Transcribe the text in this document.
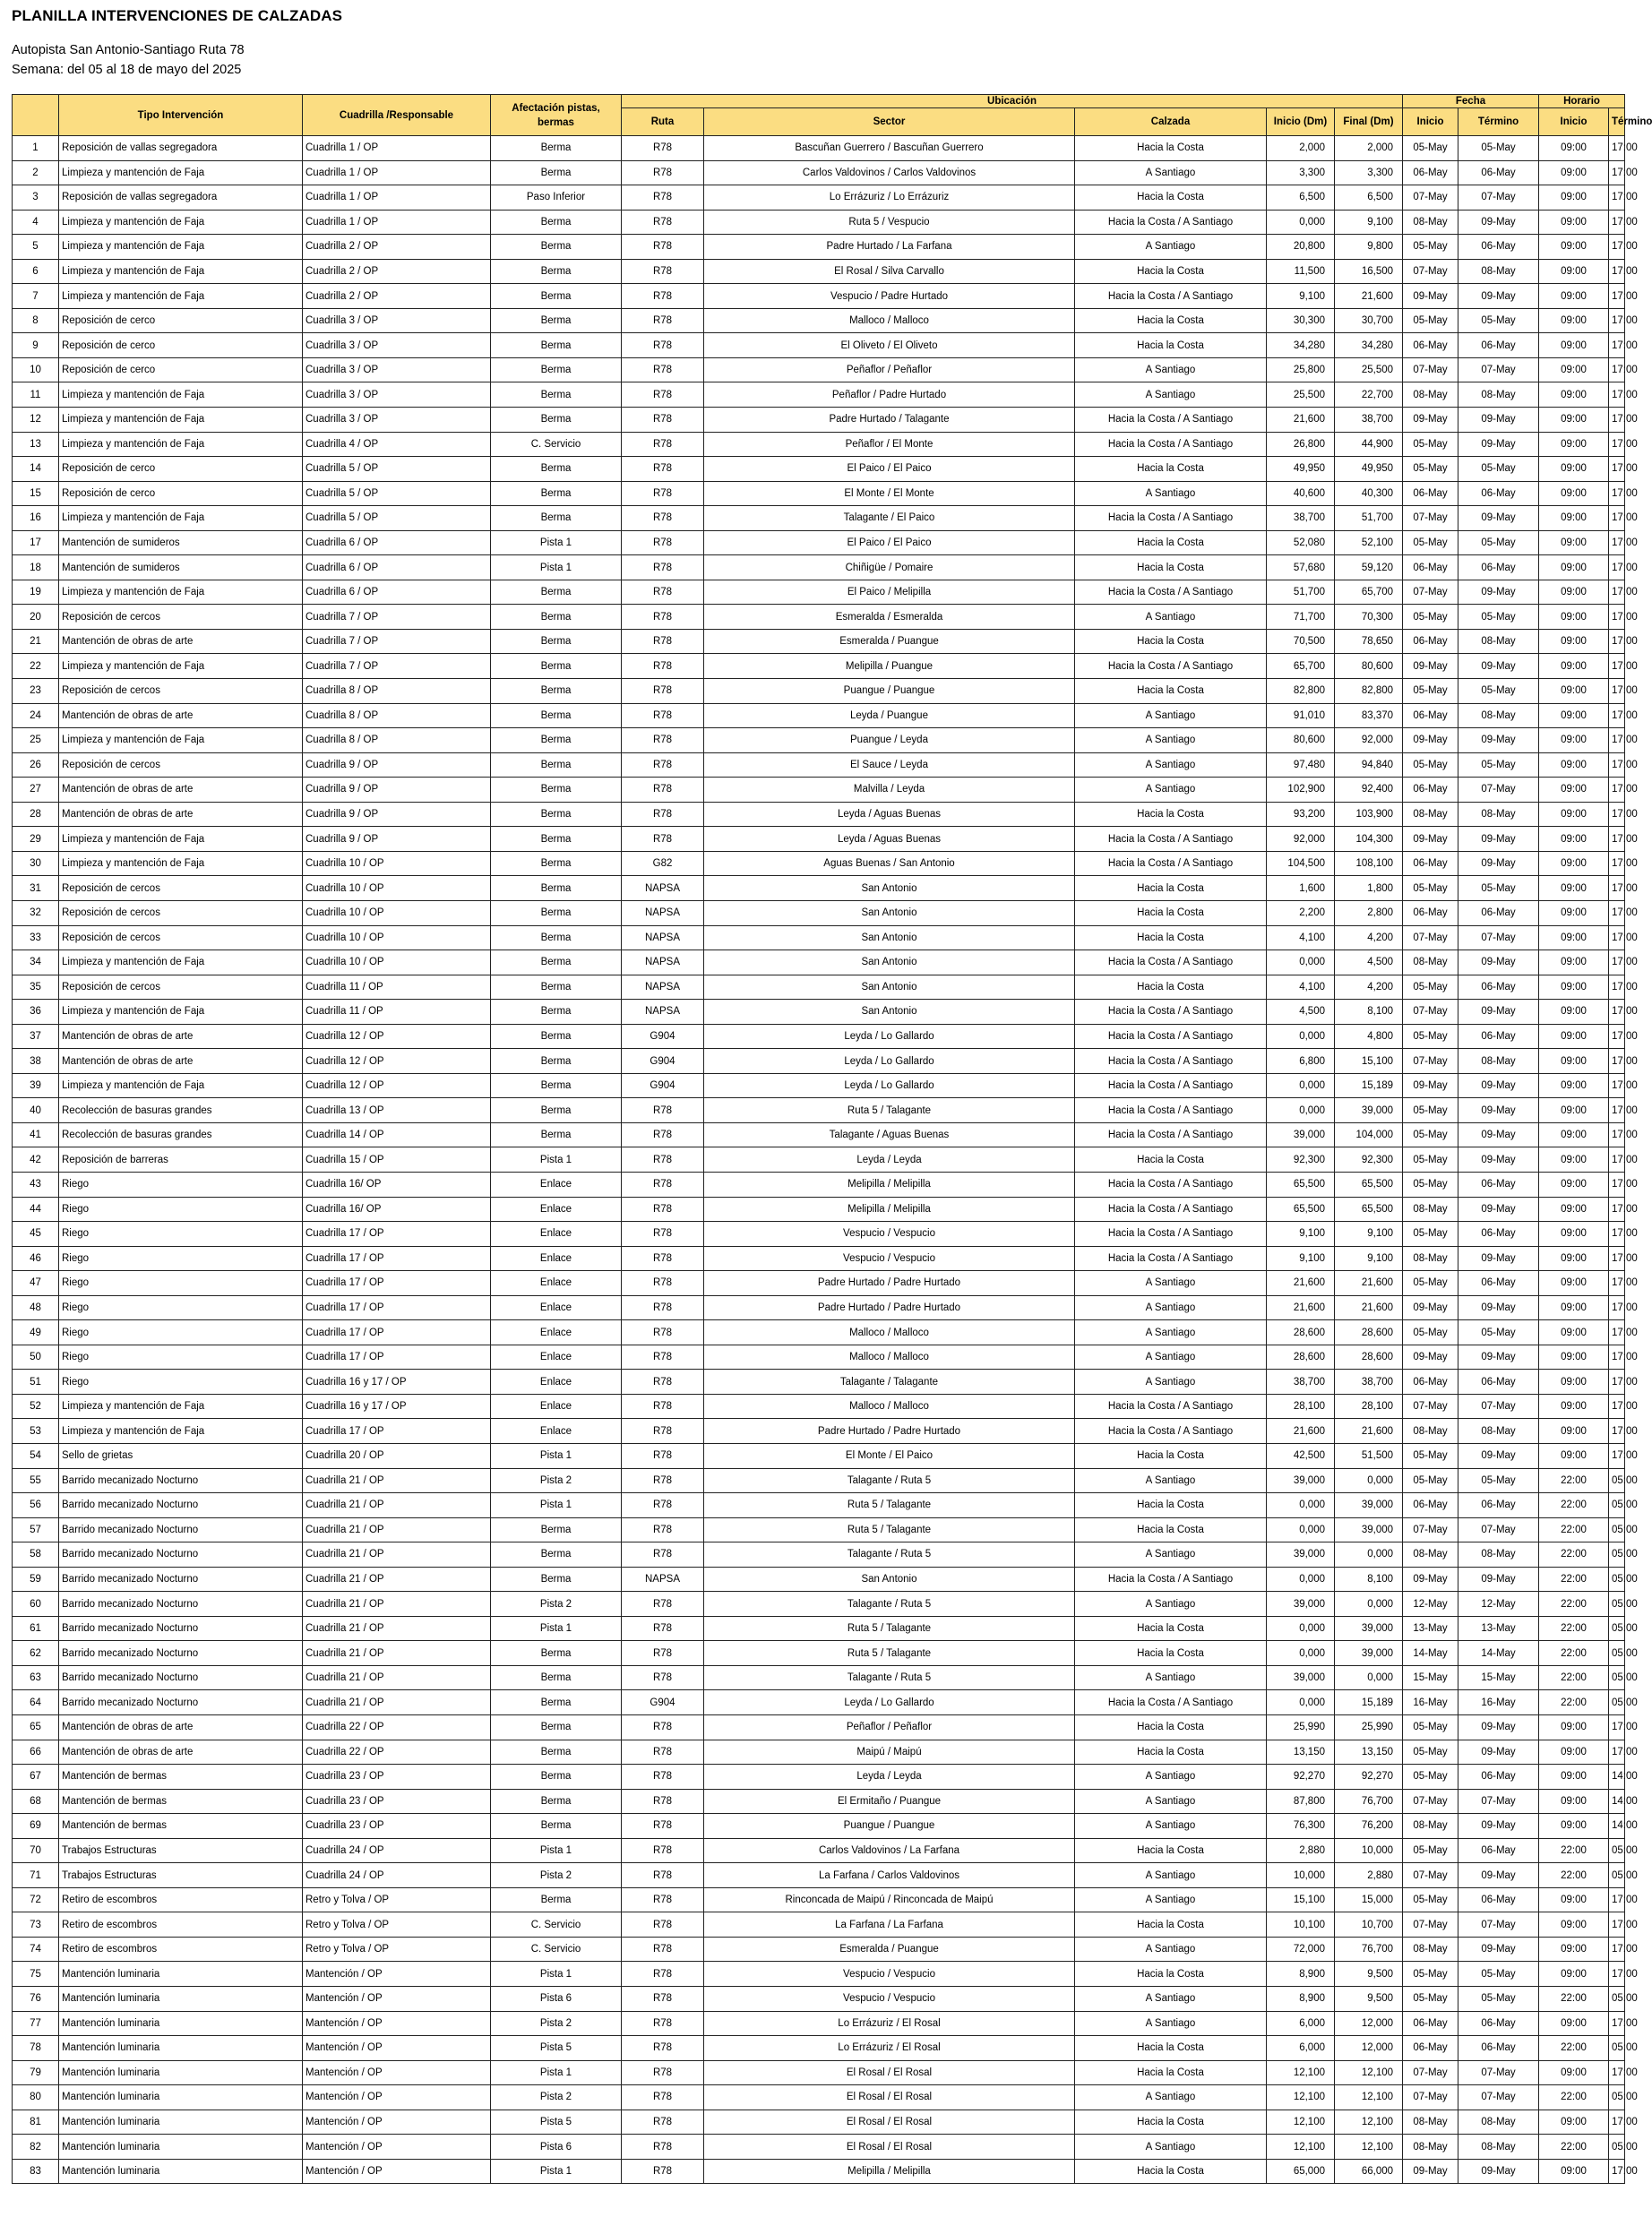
PLANILLA INTERVENCIONES DE CALZADAS
Autopista San Antonio-Santiago Ruta 78
Semana: del 05 al 18 de mayo del 2025
	Tipo Intervención	Cuadrilla /Responsable	Afectación pistas, bermas	Ubicación					Fecha		Horario	
				Ruta	Sector	Calzada	Inicio (Dm)	Final (Dm)	Inicio	Término	Inicio	Término
1	Reposición de vallas segregadora	Cuadrilla 1 / OP	Berma	R78	Bascuñan Guerrero / Bascuñan Guerrero	Hacia la Costa	2,000	2,000	05-May	05-May	09:00	17:00
2	Limpieza y mantención de Faja	Cuadrilla 1 / OP	Berma	R78	Carlos Valdovinos / Carlos Valdovinos	A Santiago	3,300	3,300	06-May	06-May	09:00	17:00
3	Reposición de vallas segregadora	Cuadrilla 1 / OP	Paso Inferior	R78	Lo Errázuriz / Lo Errázuriz	Hacia la Costa	6,500	6,500	07-May	07-May	09:00	17:00
4	Limpieza y mantención de Faja	Cuadrilla 1 / OP	Berma	R78	Ruta 5 / Vespucio	Hacia la Costa / A Santiago	0,000	9,100	08-May	09-May	09:00	17:00
5	Limpieza y mantención de Faja	Cuadrilla 2 / OP	Berma	R78	Padre Hurtado / La Farfana	A Santiago	20,800	9,800	05-May	06-May	09:00	17:00
6	Limpieza y mantención de Faja	Cuadrilla 2 / OP	Berma	R78	El Rosal / Silva Carvallo	Hacia la Costa	11,500	16,500	07-May	08-May	09:00	17:00
7	Limpieza y mantención de Faja	Cuadrilla 2 / OP	Berma	R78	Vespucio / Padre Hurtado	Hacia la Costa / A Santiago	9,100	21,600	09-May	09-May	09:00	17:00
8	Reposición de cerco	Cuadrilla 3 / OP	Berma	R78	Malloco / Malloco	Hacia la Costa	30,300	30,700	05-May	05-May	09:00	17:00
9	Reposición de cerco	Cuadrilla 3 / OP	Berma	R78	El Oliveto / El Oliveto	Hacia la Costa	34,280	34,280	06-May	06-May	09:00	17:00
10	Reposición de cerco	Cuadrilla 3 / OP	Berma	R78	Peñaflor / Peñaflor	A Santiago	25,800	25,500	07-May	07-May	09:00	17:00
11	Limpieza y mantención de Faja	Cuadrilla 3 / OP	Berma	R78	Peñaflor / Padre Hurtado	A Santiago	25,500	22,700	08-May	08-May	09:00	17:00
12	Limpieza y mantención de Faja	Cuadrilla 3 / OP	Berma	R78	Padre Hurtado / Talagante	Hacia la Costa / A Santiago	21,600	38,700	09-May	09-May	09:00	17:00
13	Limpieza y mantención de Faja	Cuadrilla 4 / OP	C. Servicio	R78	Peñaflor / El Monte	Hacia la Costa / A Santiago	26,800	44,900	05-May	09-May	09:00	17:00
14	Reposición de cerco	Cuadrilla 5 / OP	Berma	R78	El Paico / El Paico	Hacia la Costa	49,950	49,950	05-May	05-May	09:00	17:00
15	Reposición de cerco	Cuadrilla 5 / OP	Berma	R78	El Monte / El Monte	A Santiago	40,600	40,300	06-May	06-May	09:00	17:00
16	Limpieza y mantención de Faja	Cuadrilla 5 / OP	Berma	R78	Talagante / El Paico	Hacia la Costa / A Santiago	38,700	51,700	07-May	09-May	09:00	17:00
17	Mantención de sumideros	Cuadrilla 6 / OP	Pista 1	R78	El Paico / El Paico	Hacia la Costa	52,080	52,100	05-May	05-May	09:00	17:00
18	Mantención de sumideros	Cuadrilla 6 / OP	Pista 1	R78	Chiñigüe / Pomaire	Hacia la Costa	57,680	59,120	06-May	06-May	09:00	17:00
19	Limpieza y mantención de Faja	Cuadrilla 6 / OP	Berma	R78	El Paico / Melipilla	Hacia la Costa / A Santiago	51,700	65,700	07-May	09-May	09:00	17:00
20	Reposición de cercos	Cuadrilla 7 / OP	Berma	R78	Esmeralda / Esmeralda	A Santiago	71,700	70,300	05-May	05-May	09:00	17:00
21	Mantención de obras de arte	Cuadrilla 7 / OP	Berma	R78	Esmeralda / Puangue	Hacia la Costa	70,500	78,650	06-May	08-May	09:00	17:00
22	Limpieza y mantención de Faja	Cuadrilla 7 / OP	Berma	R78	Melipilla / Puangue	Hacia la Costa / A Santiago	65,700	80,600	09-May	09-May	09:00	17:00
23	Reposición de cercos	Cuadrilla 8 / OP	Berma	R78	Puangue / Puangue	Hacia la Costa	82,800	82,800	05-May	05-May	09:00	17:00
24	Mantención de obras de arte	Cuadrilla 8 / OP	Berma	R78	Leyda / Puangue	A Santiago	91,010	83,370	06-May	08-May	09:00	17:00
25	Limpieza y mantención de Faja	Cuadrilla 8 / OP	Berma	R78	Puangue / Leyda	A Santiago	80,600	92,000	09-May	09-May	09:00	17:00
26	Reposición de cercos	Cuadrilla 9 / OP	Berma	R78	El Sauce / Leyda	A Santiago	97,480	94,840	05-May	05-May	09:00	17:00
27	Mantención de obras de arte	Cuadrilla 9 / OP	Berma	R78	Malvilla / Leyda	A Santiago	102,900	92,400	06-May	07-May	09:00	17:00
28	Mantención de obras de arte	Cuadrilla 9 / OP	Berma	R78	Leyda / Aguas Buenas	Hacia la Costa	93,200	103,900	08-May	08-May	09:00	17:00
29	Limpieza y mantención de Faja	Cuadrilla 9 / OP	Berma	R78	Leyda / Aguas Buenas	Hacia la Costa / A Santiago	92,000	104,300	09-May	09-May	09:00	17:00
30	Limpieza y mantención de Faja	Cuadrilla 10 / OP	Berma	G82	Aguas Buenas / San Antonio	Hacia la Costa / A Santiago	104,500	108,100	06-May	09-May	09:00	17:00
31	Reposición de cercos	Cuadrilla 10 / OP	Berma	NAPSA	San Antonio	Hacia la Costa	1,600	1,800	05-May	05-May	09:00	17:00
32	Reposición de cercos	Cuadrilla 10 / OP	Berma	NAPSA	San Antonio	Hacia la Costa	2,200	2,800	06-May	06-May	09:00	17:00
33	Reposición de cercos	Cuadrilla 10 / OP	Berma	NAPSA	San Antonio	Hacia la Costa	4,100	4,200	07-May	07-May	09:00	17:00
34	Limpieza y mantención de Faja	Cuadrilla 10 / OP	Berma	NAPSA	San Antonio	Hacia la Costa / A Santiago	0,000	4,500	08-May	09-May	09:00	17:00
35	Reposición de cercos	Cuadrilla 11 / OP	Berma	NAPSA	San Antonio	Hacia la Costa	4,100	4,200	05-May	06-May	09:00	17:00
36	Limpieza y mantención de Faja	Cuadrilla 11 / OP	Berma	NAPSA	San Antonio	Hacia la Costa / A Santiago	4,500	8,100	07-May	09-May	09:00	17:00
37	Mantención de obras de arte	Cuadrilla 12 / OP	Berma	G904	Leyda / Lo Gallardo	Hacia la Costa / A Santiago	0,000	4,800	05-May	06-May	09:00	17:00
38	Mantención de obras de arte	Cuadrilla 12 / OP	Berma	G904	Leyda / Lo Gallardo	Hacia la Costa / A Santiago	6,800	15,100	07-May	08-May	09:00	17:00
39	Limpieza y mantención de Faja	Cuadrilla 12 / OP	Berma	G904	Leyda / Lo Gallardo	Hacia la Costa / A Santiago	0,000	15,189	09-May	09-May	09:00	17:00
40	Recolección de basuras grandes	Cuadrilla 13 / OP	Berma	R78	Ruta 5 / Talagante	Hacia la Costa / A Santiago	0,000	39,000	05-May	09-May	09:00	17:00
41	Recolección de basuras grandes	Cuadrilla 14 / OP	Berma	R78	Talagante / Aguas Buenas	Hacia la Costa / A Santiago	39,000	104,000	05-May	09-May	09:00	17:00
42	Reposición de barreras	Cuadrilla 15 / OP	Pista 1	R78	Leyda / Leyda	Hacia la Costa	92,300	92,300	05-May	09-May	09:00	17:00
43	Riego	Cuadrilla 16/ OP	Enlace	R78	Melipilla / Melipilla	Hacia la Costa / A Santiago	65,500	65,500	05-May	06-May	09:00	17:00
44	Riego	Cuadrilla 16/ OP	Enlace	R78	Melipilla / Melipilla	Hacia la Costa / A Santiago	65,500	65,500	08-May	09-May	09:00	17:00
45	Riego	Cuadrilla 17 / OP	Enlace	R78	Vespucio / Vespucio	Hacia la Costa / A Santiago	9,100	9,100	05-May	06-May	09:00	17:00
46	Riego	Cuadrilla 17 / OP	Enlace	R78	Vespucio / Vespucio	Hacia la Costa / A Santiago	9,100	9,100	08-May	09-May	09:00	17:00
47	Riego	Cuadrilla 17 / OP	Enlace	R78	Padre Hurtado / Padre Hurtado	A Santiago	21,600	21,600	05-May	06-May	09:00	17:00
48	Riego	Cuadrilla 17 / OP	Enlace	R78	Padre Hurtado / Padre Hurtado	A Santiago	21,600	21,600	09-May	09-May	09:00	17:00
49	Riego	Cuadrilla 17 / OP	Enlace	R78	Malloco / Malloco	A Santiago	28,600	28,600	05-May	05-May	09:00	17:00
50	Riego	Cuadrilla 17 / OP	Enlace	R78	Malloco / Malloco	A Santiago	28,600	28,600	09-May	09-May	09:00	17:00
51	Riego	Cuadrilla 16 y 17 / OP	Enlace	R78	Talagante / Talagante	A Santiago	38,700	38,700	06-May	06-May	09:00	17:00
52	Limpieza y mantención de Faja	Cuadrilla 16 y 17 / OP	Enlace	R78	Malloco / Malloco	Hacia la Costa / A Santiago	28,100	28,100	07-May	07-May	09:00	17:00
53	Limpieza y mantención de Faja	Cuadrilla 17 / OP	Enlace	R78	Padre Hurtado / Padre Hurtado	Hacia la Costa / A Santiago	21,600	21,600	08-May	08-May	09:00	17:00
54	Sello de grietas	Cuadrilla 20 / OP	Pista 1	R78	El Monte / El Paico	Hacia la Costa	42,500	51,500	05-May	09-May	09:00	17:00
55	Barrido mecanizado Nocturno	Cuadrilla 21 / OP	Pista 2	R78	Talagante / Ruta 5	A Santiago	39,000	0,000	05-May	05-May	22:00	05:00
56	Barrido mecanizado Nocturno	Cuadrilla 21 / OP	Pista 1	R78	Ruta 5 / Talagante	Hacia la Costa	0,000	39,000	06-May	06-May	22:00	05:00
57	Barrido mecanizado Nocturno	Cuadrilla 21 / OP	Berma	R78	Ruta 5 / Talagante	Hacia la Costa	0,000	39,000	07-May	07-May	22:00	05:00
58	Barrido mecanizado Nocturno	Cuadrilla 21 / OP	Berma	R78	Talagante / Ruta 5	A Santiago	39,000	0,000	08-May	08-May	22:00	05:00
59	Barrido mecanizado Nocturno	Cuadrilla 21 / OP	Berma	NAPSA	San Antonio	Hacia la Costa / A Santiago	0,000	8,100	09-May	09-May	22:00	05:00
60	Barrido mecanizado Nocturno	Cuadrilla 21 / OP	Pista 2	R78	Talagante / Ruta 5	A Santiago	39,000	0,000	12-May	12-May	22:00	05:00
61	Barrido mecanizado Nocturno	Cuadrilla 21 / OP	Pista 1	R78	Ruta 5 / Talagante	Hacia la Costa	0,000	39,000	13-May	13-May	22:00	05:00
62	Barrido mecanizado Nocturno	Cuadrilla 21 / OP	Berma	R78	Ruta 5 / Talagante	Hacia la Costa	0,000	39,000	14-May	14-May	22:00	05:00
63	Barrido mecanizado Nocturno	Cuadrilla 21 / OP	Berma	R78	Talagante / Ruta 5	A Santiago	39,000	0,000	15-May	15-May	22:00	05:00
64	Barrido mecanizado Nocturno	Cuadrilla 21 / OP	Berma	G904	Leyda / Lo Gallardo	Hacia la Costa / A Santiago	0,000	15,189	16-May	16-May	22:00	05:00
65	Mantención de obras de arte	Cuadrilla 22 / OP	Berma	R78	Peñaflor / Peñaflor	Hacia la Costa	25,990	25,990	05-May	09-May	09:00	17:00
66	Mantención de obras de arte	Cuadrilla 22 / OP	Berma	R78	Maipú / Maipú	Hacia la Costa	13,150	13,150	05-May	09-May	09:00	17:00
67	Mantención de bermas	Cuadrilla 23 / OP	Berma	R78	Leyda / Leyda	A Santiago	92,270	92,270	05-May	06-May	09:00	14:00
68	Mantención de bermas	Cuadrilla 23 / OP	Berma	R78	El Ermitaño / Puangue	A Santiago	87,800	76,700	07-May	07-May	09:00	14:00
69	Mantención de bermas	Cuadrilla 23 / OP	Berma	R78	Puangue / Puangue	A Santiago	76,300	76,200	08-May	09-May	09:00	14:00
70	Trabajos Estructuras	Cuadrilla 24 / OP	Pista 1	R78	Carlos Valdovinos / La Farfana	Hacia la Costa	2,880	10,000	05-May	06-May	22:00	05:00
71	Trabajos Estructuras	Cuadrilla 24 / OP	Pista 2	R78	La Farfana / Carlos Valdovinos	A Santiago	10,000	2,880	07-May	09-May	22:00	05:00
72	Retiro de escombros	Retro y Tolva / OP	Berma	R78	Rinconcada de Maipú / Rinconcada de Maipú	A Santiago	15,100	15,000	05-May	06-May	09:00	17:00
73	Retiro de escombros	Retro y Tolva / OP	C. Servicio	R78	La Farfana / La Farfana	Hacia la Costa	10,100	10,700	07-May	07-May	09:00	17:00
74	Retiro de escombros	Retro y Tolva / OP	C. Servicio	R78	Esmeralda / Puangue	A Santiago	72,000	76,700	08-May	09-May	09:00	17:00
75	Mantención luminaria	Mantención / OP	Pista 1	R78	Vespucio / Vespucio	Hacia la Costa	8,900	9,500	05-May	05-May	09:00	17:00
76	Mantención luminaria	Mantención / OP	Pista 6	R78	Vespucio / Vespucio	A Santiago	8,900	9,500	05-May	05-May	22:00	05:00
77	Mantención luminaria	Mantención / OP	Pista 2	R78	Lo Errázuriz / El Rosal	A Santiago	6,000	12,000	06-May	06-May	09:00	17:00
78	Mantención luminaria	Mantención / OP	Pista 5	R78	Lo Errázuriz / El Rosal	Hacia la Costa	6,000	12,000	06-May	06-May	22:00	05:00
79	Mantención luminaria	Mantención / OP	Pista 1	R78	El Rosal / El Rosal	Hacia la Costa	12,100	12,100	07-May	07-May	09:00	17:00
80	Mantención luminaria	Mantención / OP	Pista 2	R78	El Rosal / El Rosal	A Santiago	12,100	12,100	07-May	07-May	22:00	05:00
81	Mantención luminaria	Mantención / OP	Pista 5	R78	El Rosal / El Rosal	Hacia la Costa	12,100	12,100	08-May	08-May	09:00	17:00
82	Mantención luminaria	Mantención / OP	Pista 6	R78	El Rosal / El Rosal	A Santiago	12,100	12,100	08-May	08-May	22:00	05:00
83	Mantención luminaria	Mantención / OP	Pista 1	R78	Melipilla / Melipilla	Hacia la Costa	65,000	66,000	09-May	09-May	09:00	17:00
